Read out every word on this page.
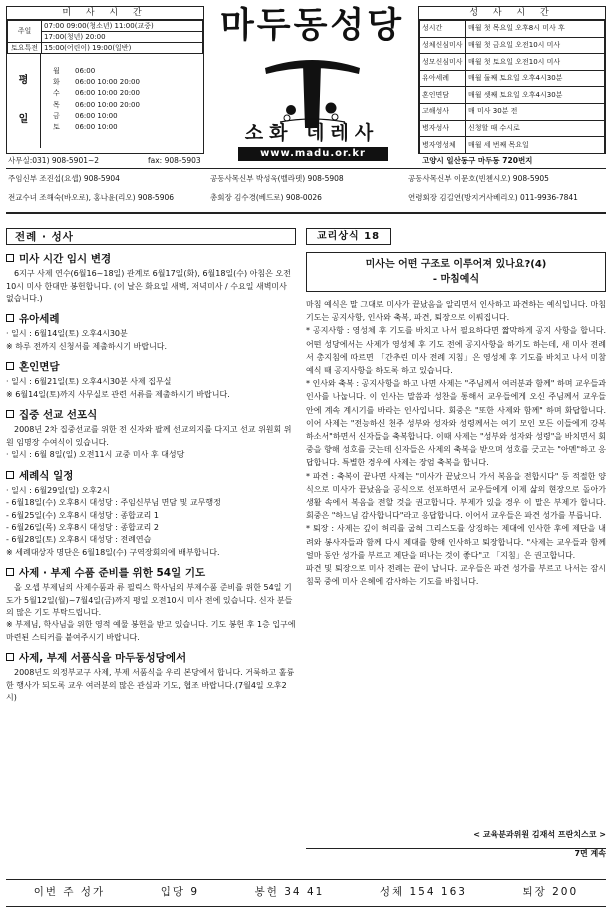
미 사 시 간
주일	07:00 09:00(청소년) 11:00(교중)
	17:00(청년) 20:00
토요특전	15:00(어린이) 19:00(일반)
평
일
월	06:00
화	06:00 10:00 20:00
수	06:00 10:00 20:00
목	06:00 10:00 20:00
금	06:00 10:00
토	06:00 10:00
마두동성당
소화 데레사
www.madu.or.kr
성 사 시 간
성시간	매월 첫 목요일 오후8시 미사 후
성체신심미사	매월 첫 금요일 오전10시 미사
성모신심미사	매월 첫 토요일 오전10시 미사
유아세례	매월 둘째 토요일 오후4시30분
혼인면담	매월 셋째 토요일 오후4시30분
고해성사	매 미사 30분 전
병자성사	신청할 때 수시로
병자영성체	매월 세 번째 목요일
사무실:031) 908-5901~2	fax: 908-5903	고양시 일산동구 마두동 720번지
주임신부 조진섭(요셉) 908-5904	공동사목신부 박성욱(벨라뎃) 908-5908	공동사목신부 이문호(빈첸시오) 908-5905
전교수녀 조해숙(바오로), 홍나윤(리오) 908-5906	총회장 김수경(베드로) 908-0026	연령회장 김길연(방지거사베리오) 011-9936-7841
전례 · 성사
미사 시간 임시 변경
6지구 사제 연수(6월16~18일) 관계로 6월17일(화), 6월18일(수) 아침은 오전10시 미사 한대만 봉헌합니다. (이 날은 화요일 새벽, 저녁미사 / 수요일 새벽미사 없습니다.)
유아세례
· 일시 : 6월14일(토) 오후4시30분
※ 하루 전까지 신청서를 제출하시기 바랍니다.
혼인면담
· 일시 : 6월21일(토) 오후4시30분 사제 집무실
※ 6월14일(토)까지 사무실로 관련 서류를 제출하시기 바랍니다.
집중 선교 선포식
2008년 2차 집중선교를 위한 전 신자와 팔께 선교의지를 다지고 선교 위원회 위원 임명장 수여식이 있습니다.
· 일시 : 6월 8일(일) 오전11시 교중 미사 후 대성당
세례식 일정
· 일시 : 6월29일(일) 오후2시
- 6월18일(수) 오후8시 대성당 : 주임신부님 면담 및 교무행정
- 6월25일(수) 오후8시 대성당 : 종합교리 1
- 6월26일(목) 오후8시 대성당 : 종합교리 2
- 6월28일(토) 오후8시 대성당 : 전례연습
※ 세례대상자 명단은 6월18일(수) 구역장회의에 배부합니다.
사제 · 부제 수품 준비를 위한 54일 기도
올 오셉 부제님의 사제수품과 류 필릭스 학사님의 부제수품 준비를 위한 54일 기도가 5월12일(월)~7월4일(금)까지 평일 오전10시 미사 전에 있습니다. 신자 분들의 많은 기도 부탁드립니다.
※ 부제님, 학사님을 위한 영적 예물 봉헌을 받고 있습니다. 기도 봉헌 후 1층 입구에 마련된 스티커를 붙여주시기 바랍니다.
사제, 부제 서품식을 마두동성당에서
2008년도 의정부교구 사제, 부제 서품식을 우리 본당에서 합니다. 거룩하고 훌륭한 행사가 되도록 교우 여러분의 많은 관심과 기도, 협조 바랍니다.(7월4일 오후2시)
교리상식 18
미사는 어떤 구조로 이루어져 있나요?(4)
- 마침예식
마침 예식은 말 그대로 미사가 끝났음을 알리면서 인사하고 파견하는 예식입니다. 마침 기도는 공지사항, 인사와 축복, 파견, 퇴장으로 이뤄집니다.
* 공지사항 : 영성체 후 기도를 바치고 나서 필요하다면 짧막하게 공지 사항을 합니다. 어떤 성당에서는 사제가 영성체 후 기도 전에 공지사항을 하기도 하는데, 새 미사 전례서 총지침에 따르면 「간추린 미사 전례 지침」은 영성체 후 기도를 바치고 나서 미참 예식 때 공지사항을 하도록 하고 있습니다.
* 인사와 축복 : 공지사항을 하고 나면 사제는 "주님께서 여러분과 함께" 하며 교우들과 인사를 나눕니다. 이 인사는 말씀과 성찬을 통해서 교우들에게 오신 주님께서 교우들 안에 계속 계시기를 바라는 인사입니다. 회중은 "또한 사제와 함께" 하며 화답합니다. 이어 사제는 "전능하신 천주 성부와 성자와 성령께서는 여기 모인 모든 이들에게 강복하소서"하면서 신자들을 축복합니다. 이때 사제는 "성부와 성자와 성령"을 바치면서 회중을 향해 성호를 긋는데 신자들은 사제의 축복을 받으며 성호를 긋고는 "아멘"하고 응답합니다. 특별한 경우에 사제는 장엄 축복을 합니다.
* 파견 : 축복이 끝나면 사제는 "미사가 끝났으니 가서 복음을 전합시다" 등 적절한 양식으로 미사가 끝났음을 공식으로 선포하면서 교우들에게 이제 삶의 현장으로 돌아가 생활 속에서 복음을 전할 것을 권고합니다. 부제가 있을 경우 이 말은 부제가 합니다. 회중은 "하느님 감사합니다"라고 응답합니다. 이어서 교우들은 파견 성가를 부릅니다.
* 퇴장 : 사제는 깊이 허리를 굽혀 그리스도를 상징하는 제대에 인사한 후에 제단을 내려와 봉사자들과 함께 다시 제대를 향해 인사하고 퇴장합니다. "사제는 교우들과 함께 얼마 동안 성가를 부르고 제단을 떠나는 것이 좋다"고 「지침」은 권고합니다.
파견 및 퇴장으로 미사 전례는 끝이 납니다. 교우들은 파견 성가를 부르고 나서는 잠시 침묵 중에 미사 은혜에 감사하는 기도를 바칩니다.
< 교육분과위원 김재석 프란치스코 >
7면 계속
이번 주 성가	입당 9	봉헌 34 41	성체 154 163	퇴장 200
